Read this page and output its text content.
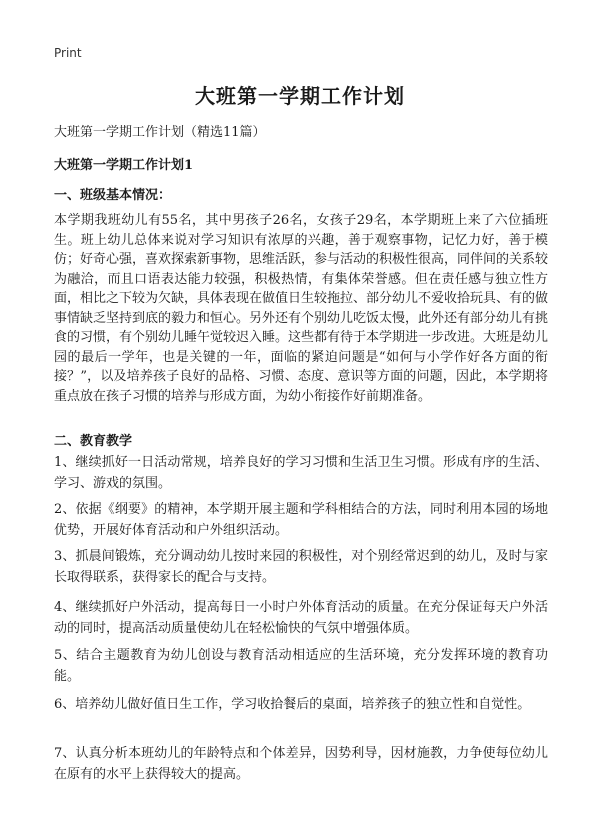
Print
大班第一学期工作计划
大班第一学期工作计划（精选11篇）
大班第一学期工作计划1
一、班级基本情况：
本学期我班幼儿有55名，其中男孩子26名，女孩子29名，本学期班上来了六位插班生。班上幼儿总体来说对学习知识有浓厚的兴趣，善于观察事物，记忆力好，善于模仿；好奇心强，喜欢探索新事物，思维活跃，参与活动的积极性很高，同伴间的关系较为融洽，而且口语表达能力较强，积极热情，有集体荣誉感。但在责任感与独立性方面，相比之下较为欠缺，具体表现在做值日生较拖拉、部分幼儿不爱收拾玩具、有的做事情缺乏坚持到底的毅力和恒心。另外还有个别幼儿吃饭太慢，此外还有部分幼儿有挑食的习惯，有个别幼儿睡午觉较迟入睡。这些都有待于本学期进一步改进。大班是幼儿园的最后一学年，也是关键的一年，面临的紧迫问题是“如何与小学作好各方面的衔接？”，以及培养孩子良好的品格、习惯、态度、意识等方面的问题，因此，本学期将重点放在孩子习惯的培养与形成方面，为幼小衔接作好前期准备。
二、教育教学
1、继续抓好一日活动常规，培养良好的学习习惯和生活卫生习惯。形成有序的生活、学习、游戏的氛围。
2、依据《纲要》的精神，本学期开展主题和学科相结合的方法，同时利用本园的场地优势，开展好体育活动和户外组织活动。
3、抓晨间锻炼，充分调动幼儿按时来园的积极性，对个别经常迟到的幼儿，及时与家长取得联系，获得家长的配合与支持。
4、继续抓好户外活动，提高每日一小时户外体育活动的质量。在充分保证每天户外活动的同时，提高活动质量使幼儿在轻松愉快的气氛中增强体质。
5、结合主题教育为幼儿创设与教育活动相适应的生活环境，充分发挥环境的教育功能。
6、培养幼儿做好值日生工作，学习收拾餐后的桌面，培养孩子的独立性和自觉性。
7、认真分析本班幼儿的年龄特点和个体差异，因势利导，因材施教，力争使每位幼儿在原有的水平上获得较大的提高。
